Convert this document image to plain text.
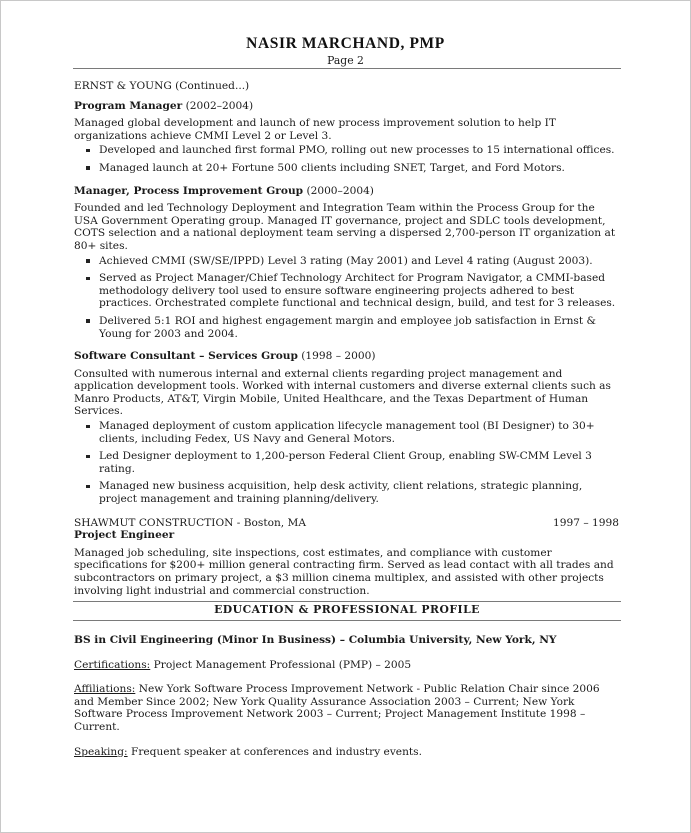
NASIR MARCHAND, PMP
Page 2

ERNST & YOUNG (Continued...)

Program Manager (2002–2004)

Managed global development and launch of new process improvement solution to help IT organizations achieve CMMI Level 2 or Level 3.

Developed and launched first formal PMO, rolling out new processes to 15 international offices.
Managed launch at 20+ Fortune 500 clients including SNET, Target, and Ford Motors.

Manager, Process Improvement Group (2000–2004)

Founded and led Technology Deployment and Integration Team within the Process Group for the USA Government Operating group. Managed IT governance, project and SDLC tools development, COTS selection and a national deployment team serving a dispersed 2,700-person IT organization at 80+ sites.

Achieved CMMI (SW/SE/IPPD) Level 3 rating (May 2001) and Level 4 rating (August 2003).
Served as Project Manager/Chief Technology Architect for Program Navigator, a CMMI-based methodology delivery tool used to ensure software engineering projects adhered to best practices. Orchestrated complete functional and technical design, build, and test for 3 releases.
Delivered 5:1 ROI and highest engagement margin and employee job satisfaction in Ernst & Young for 2003 and 2004.

Software Consultant – Services Group (1998 – 2000)

Consulted with numerous internal and external clients regarding project management and application development tools. Worked with internal customers and diverse external clients such as Manro Products, AT&T, Virgin Mobile, United Healthcare, and the Texas Department of Human Services.

Managed deployment of custom application lifecycle management tool (BI Designer) to 30+ clients, including Fedex, US Navy and General Motors.
Led Designer deployment to 1,200-person Federal Client Group, enabling SW-CMM Level 3 rating.
Managed new business acquisition, help desk activity, client relations, strategic planning, project management and training planning/delivery.
SHAWMUT CONSTRUCTION - Boston, MA	1997 – 1998

Project Engineer

Managed job scheduling, site inspections, cost estimates, and compliance with customer specifications for $200+ million general contracting firm. Served as lead contact with all trades and subcontractors on primary project, a $3 million cinema multiplex, and assisted with other projects involving light industrial and commercial construction.

EDUCATION & PROFESSIONAL PROFILE

BS in Civil Engineering (Minor In Business) – Columbia University, New York, NY

Certifications: Project Management Professional (PMP) – 2005

Affiliations: New York Software Process Improvement Network - Public Relation Chair since 2006 and Member Since 2002; New York Quality Assurance Association 2003 – Current; New York Software Process Improvement Network 2003 – Current; Project Management Institute 1998 – Current.

Speaking: Frequent speaker at conferences and industry events.
